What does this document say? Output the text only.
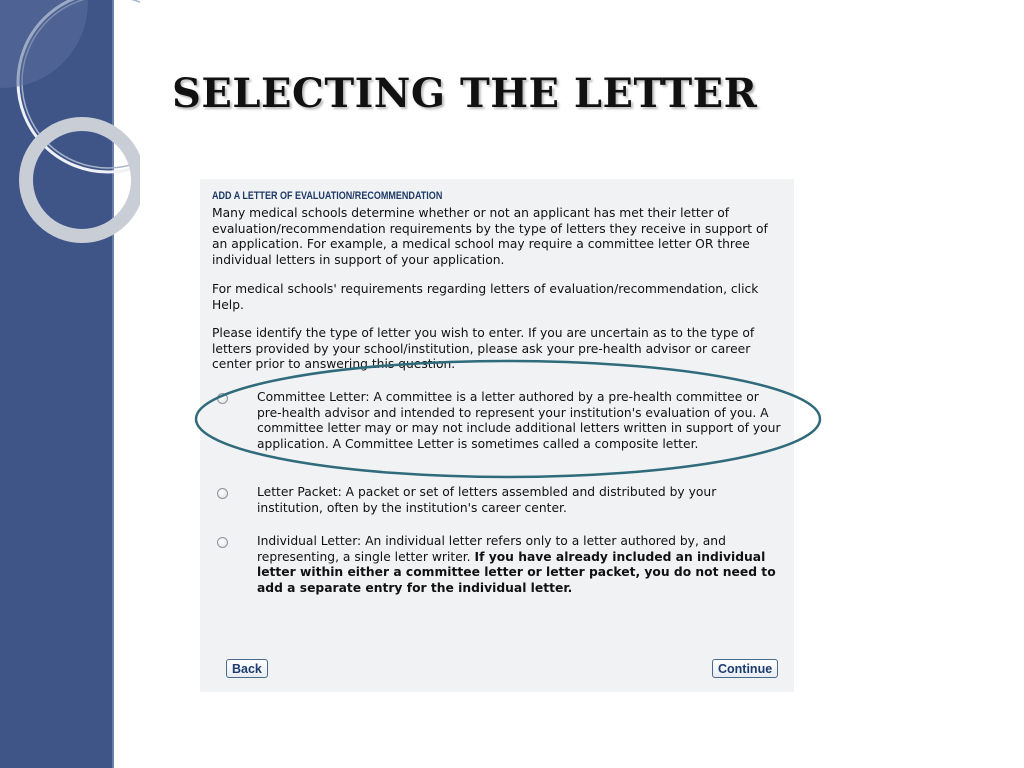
SELECTING THE LETTER
ADD A LETTER OF EVALUATION/RECOMMENDATION

Many medical schools determine whether or not an applicant has met their letter of evaluation/recommendation requirements by the type of letters they receive in support of an application. For example, a medical school may require a committee letter OR three individual letters in support of your application.

For medical schools' requirements regarding letters of evaluation/recommendation, click Help.

Please identify the type of letter you wish to enter. If you are uncertain as to the type of letters provided by your school/institution, please ask your pre-health advisor or career center prior to answering this question.

Committee Letter: A committee is a letter authored by a pre-health committee or pre-health advisor and intended to represent your institution's evaluation of you. A committee letter may or may not include additional letters written in support of your application. A Committee Letter is sometimes called a composite letter.

Letter Packet: A packet or set of letters assembled and distributed by your institution, often by the institution's career center.

Individual Letter: An individual letter refers only to a letter authored by, and representing, a single letter writer. If you have already included an individual letter within either a committee letter or letter packet, you do not need to add a separate entry for the individual letter.

Back	Continue
